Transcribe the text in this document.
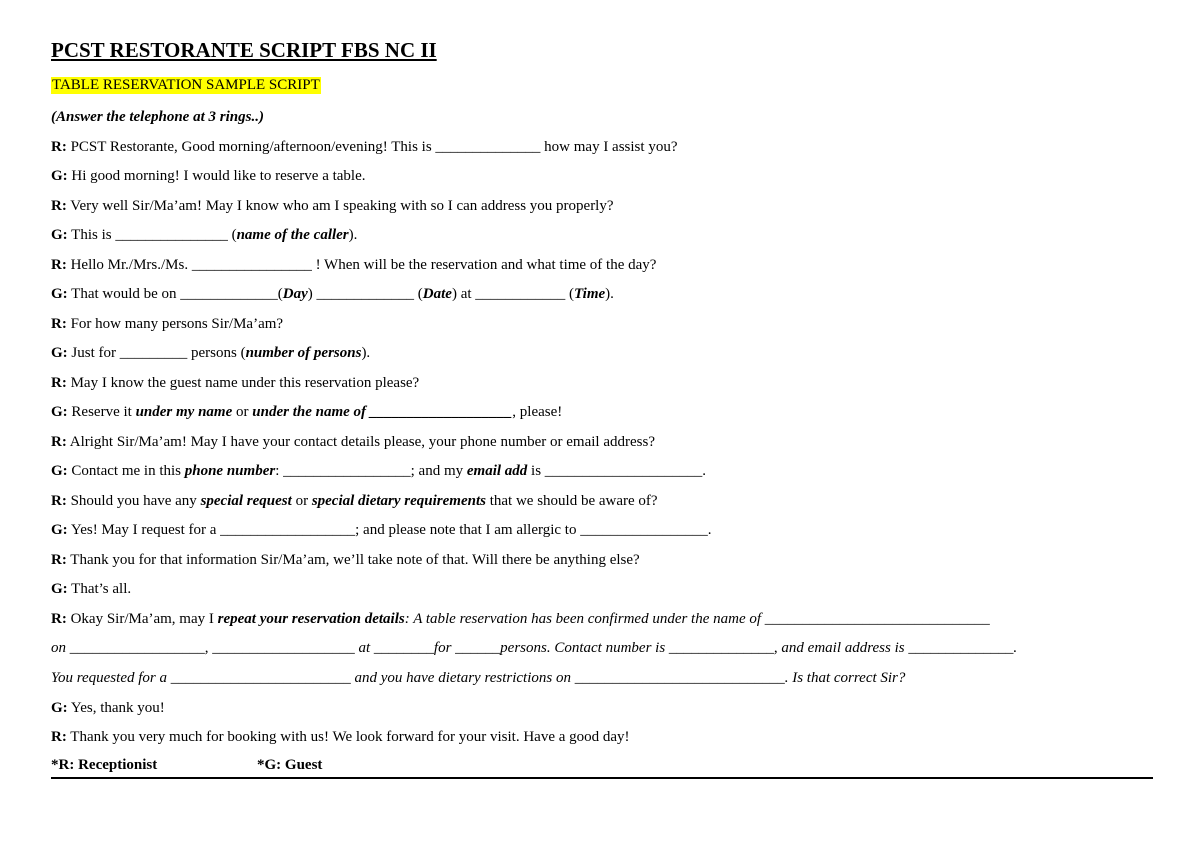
PCST RESTORANTE SCRIPT FBS NC II
TABLE RESERVATION SAMPLE SCRIPT
(Answer the telephone at 3 rings..)
R: PCST Restorante, Good morning/afternoon/evening! This is ______________ how may I assist you?
G: Hi good morning! I would like to reserve a table.
R: Very well Sir/Ma’am! May I know who am I speaking with so I can address you properly?
G: This is _______________ (name of the caller).
R: Hello Mr./Mrs./Ms. ________________ ! When will be the reservation and what time of the day?
G: That would be on _____________(Day) _____________ (Date) at ____________ (Time).
R: For how many persons Sir/Ma’am?
G: Just for _________ persons (number of persons).
R: May I know the guest name under this reservation please?
G: Reserve it under my name or under the name of ___________________, please!
R: Alright Sir/Ma’am! May I have your contact details please, your phone number or email address?
G: Contact me in this phone number: _________________; and my email add is _____________________.
R: Should you have any special request or special dietary requirements that we should be aware of?
G: Yes! May I request for a __________________; and please note that I am allergic to _________________.
R: Thank you for that information Sir/Ma’am, we’ll take note of that. Will there be anything else?
G: That’s all.
R: Okay Sir/Ma’am, may I repeat your reservation details: A table reservation has been confirmed under the name of ______________________________
on __________________, ___________________ at ________for ______persons. Contact number is ______________, and email address is ______________.
You requested for a ________________________ and you have dietary restrictions on ____________________________. Is that correct Sir?
G: Yes, thank you!
R: Thank you very much for booking with us! We look forward for your visit. Have a good day!
*R: Receptionist	*G: Guest
